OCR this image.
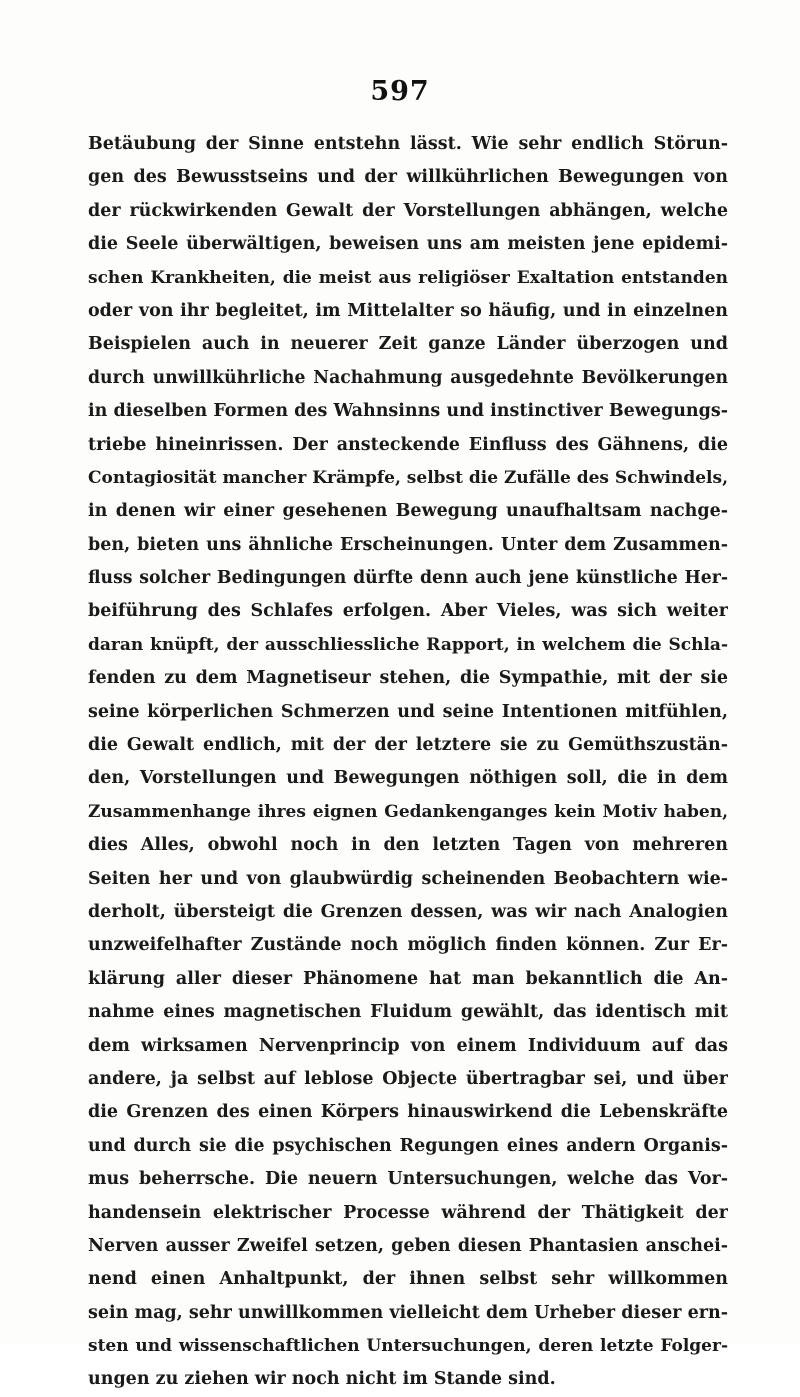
597
Betäubung der Sinne entstehn lässt. Wie sehr endlich Störun-
gen des Bewusstseins und der willkührlichen Bewegungen von
der rückwirkenden Gewalt der Vorstellungen abhängen, welche
die Seele überwältigen, beweisen uns am meisten jene epidemi-
schen Krankheiten, die meist aus religiöser Exaltation entstanden
oder von ihr begleitet, im Mittelalter so häufig, und in einzelnen
Beispielen auch in neuerer Zeit ganze Länder überzogen und
durch unwillkührliche Nachahmung ausgedehnte Bevölkerungen
in dieselben Formen des Wahnsinns und instinctiver Bewegungs-
triebe hineinrissen. Der ansteckende Einfluss des Gähnens, die
Contagiosität mancher Krämpfe, selbst die Zufälle des Schwindels,
in denen wir einer gesehenen Bewegung unaufhaltsam nachge-
ben, bieten uns ähnliche Erscheinungen. Unter dem Zusammen-
fluss solcher Bedingungen dürfte denn auch jene künstliche Her-
beiführung des Schlafes erfolgen. Aber Vieles, was sich weiter
daran knüpft, der ausschliessliche Rapport, in welchem die Schla-
fenden zu dem Magnetiseur stehen, die Sympathie, mit der sie
seine körperlichen Schmerzen und seine Intentionen mitfühlen,
die Gewalt endlich, mit der der letztere sie zu Gemüthszustän-
den, Vorstellungen und Bewegungen nöthigen soll, die in dem
Zusammenhange ihres eignen Gedankenganges kein Motiv haben,
dies Alles, obwohl noch in den letzten Tagen von mehreren
Seiten her und von glaubwürdig scheinenden Beobachtern wie-
derholt, übersteigt die Grenzen dessen, was wir nach Analogien
unzweifelhafter Zustände noch möglich finden können. Zur Er-
klärung aller dieser Phänomene hat man bekanntlich die An-
nahme eines magnetischen Fluidum gewählt, das identisch mit
dem wirksamen Nervenprincip von einem Individuum auf das
andere, ja selbst auf leblose Objecte übertragbar sei, und über
die Grenzen des einen Körpers hinauswirkend die Lebenskräfte
und durch sie die psychischen Regungen eines andern Organis-
mus beherrsche. Die neuern Untersuchungen, welche das Vor-
handensein elektrischer Processe während der Thätigkeit der
Nerven ausser Zweifel setzen, geben diesen Phantasien anschei-
nend einen Anhaltpunkt, der ihnen selbst sehr willkommen
sein mag, sehr unwillkommen vielleicht dem Urheber dieser ern-
sten und wissenschaftlichen Untersuchungen, deren letzte Folger-
ungen zu ziehen wir noch nicht im Stande sind.
